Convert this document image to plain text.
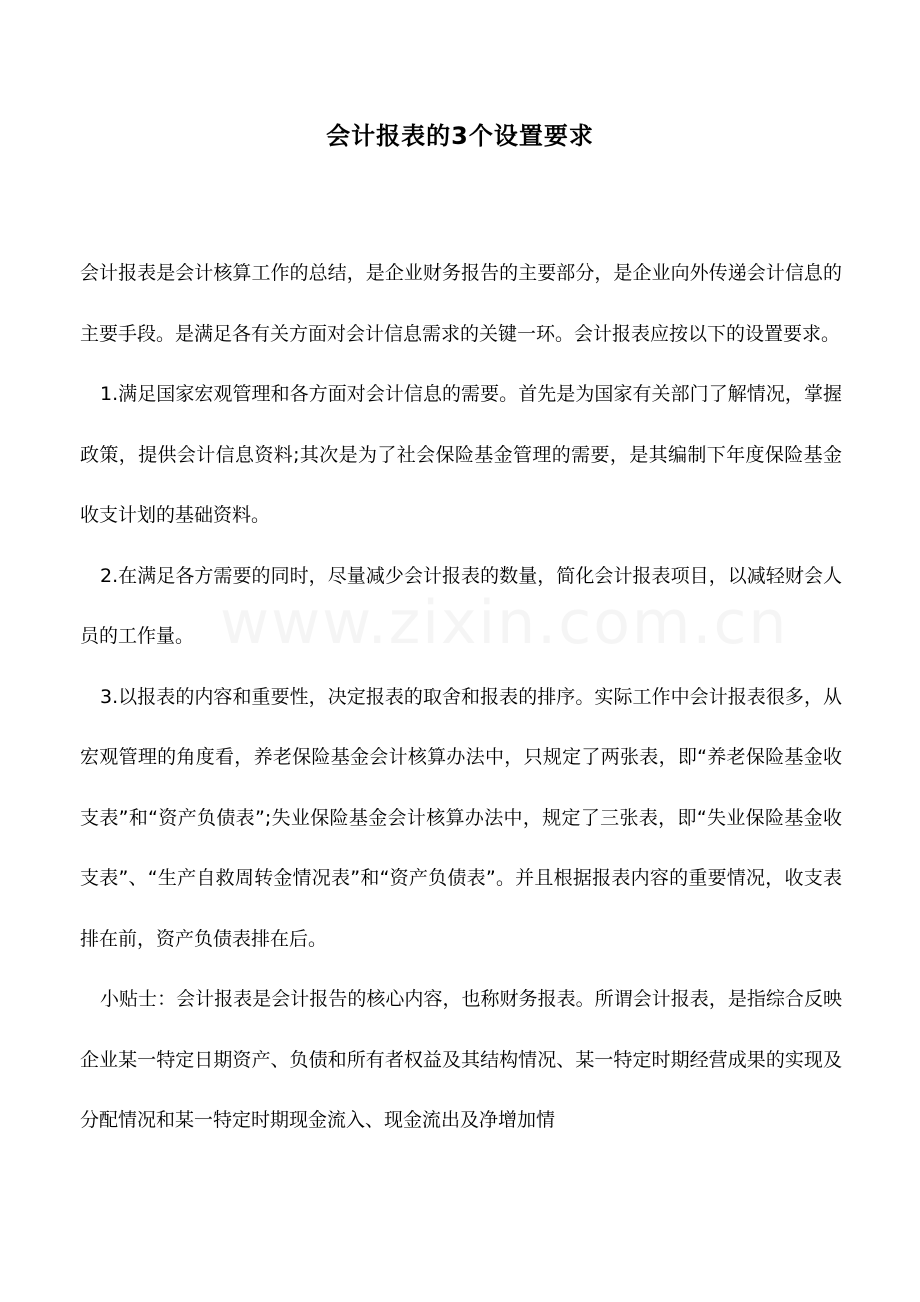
www.zixin.com.cn
会计报表的3个设置要求

会计报表是会计核算工作的总结，是企业财务报告的主要部分，是企业向外传递会计信息的主要手段。是满足各有关方面对会计信息需求的关键一环。会计报表应按以下的设置要求。

1.满足国家宏观管理和各方面对会计信息的需要。首先是为国家有关部门了解情况，掌握政策，提供会计信息资料;其次是为了社会保险基金管理的需要，是其编制下年度保险基金收支计划的基础资料。

2.在满足各方需要的同时，尽量减少会计报表的数量，简化会计报表项目，以减轻财会人员的工作量。

3.以报表的内容和重要性，决定报表的取舍和报表的排序。实际工作中会计报表很多，从宏观管理的角度看，养老保险基金会计核算办法中，只规定了两张表，即“养老保险基金收支表”和“资产负债表”;失业保险基金会计核算办法中，规定了三张表，即“失业保险基金收支表”、“生产自救周转金情况表”和“资产负债表”。并且根据报表内容的重要情况，收支表排在前，资产负债表排在后。

小贴士：会计报表是会计报告的核心内容，也称财务报表。所谓会计报表，是指综合反映企业某一特定日期资产、负债和所有者权益及其结构情况、某一特定时期经营成果的实现及分配情况和某一特定时期现金流入、现金流出及净增加情
